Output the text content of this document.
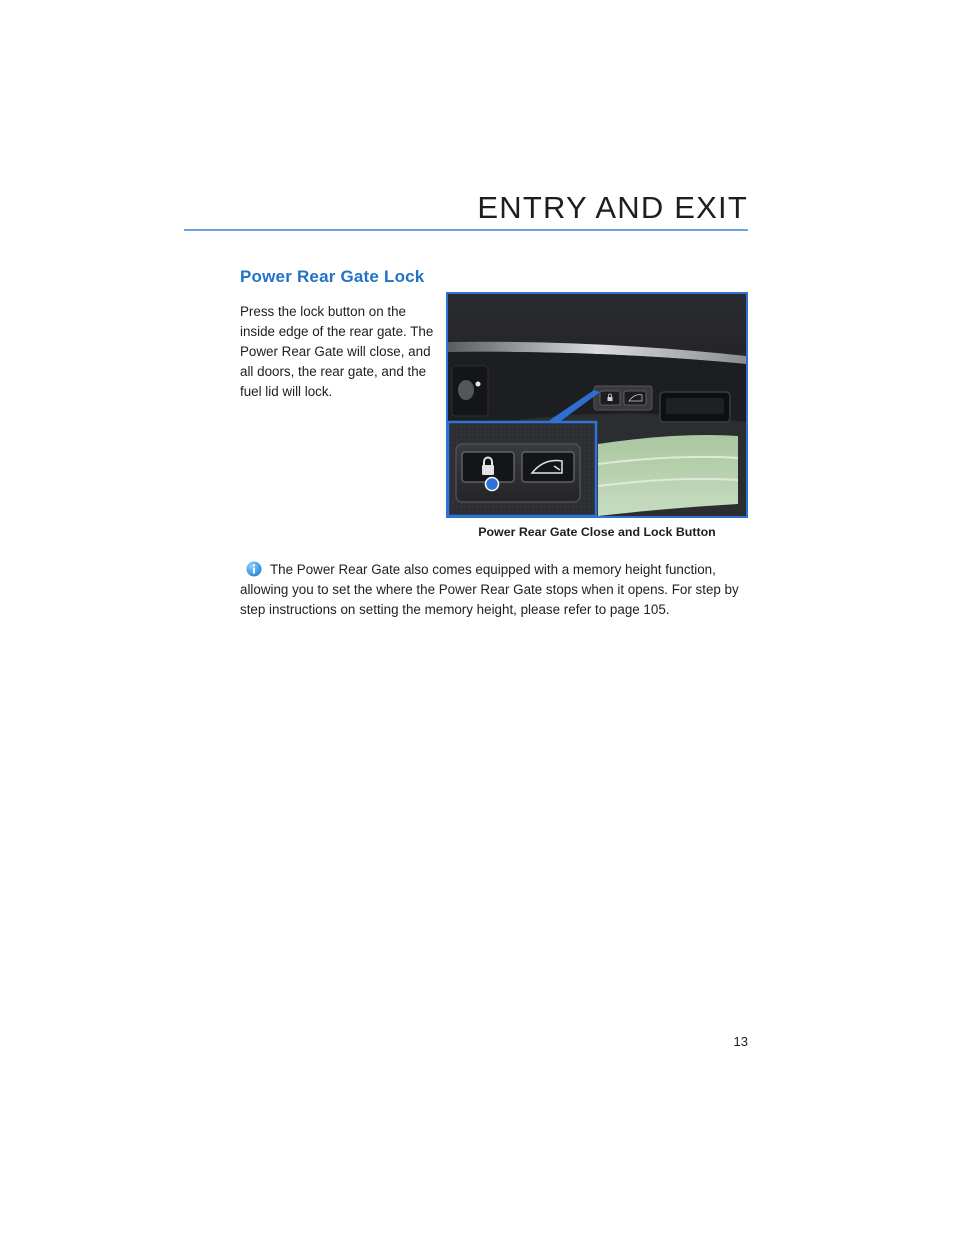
ENTRY AND EXIT
Power Rear Gate Lock

Press the lock button on the inside edge of the rear gate. The Power Rear Gate will close, and all doors, the rear gate, and the fuel lid will lock.

Power Rear Gate Close and Lock Button

The Power Rear Gate also comes equipped with a memory height function, allowing you to set the where the Power Rear Gate stops when it opens. For step by step instructions on setting the memory height, please refer to page 105.

13
